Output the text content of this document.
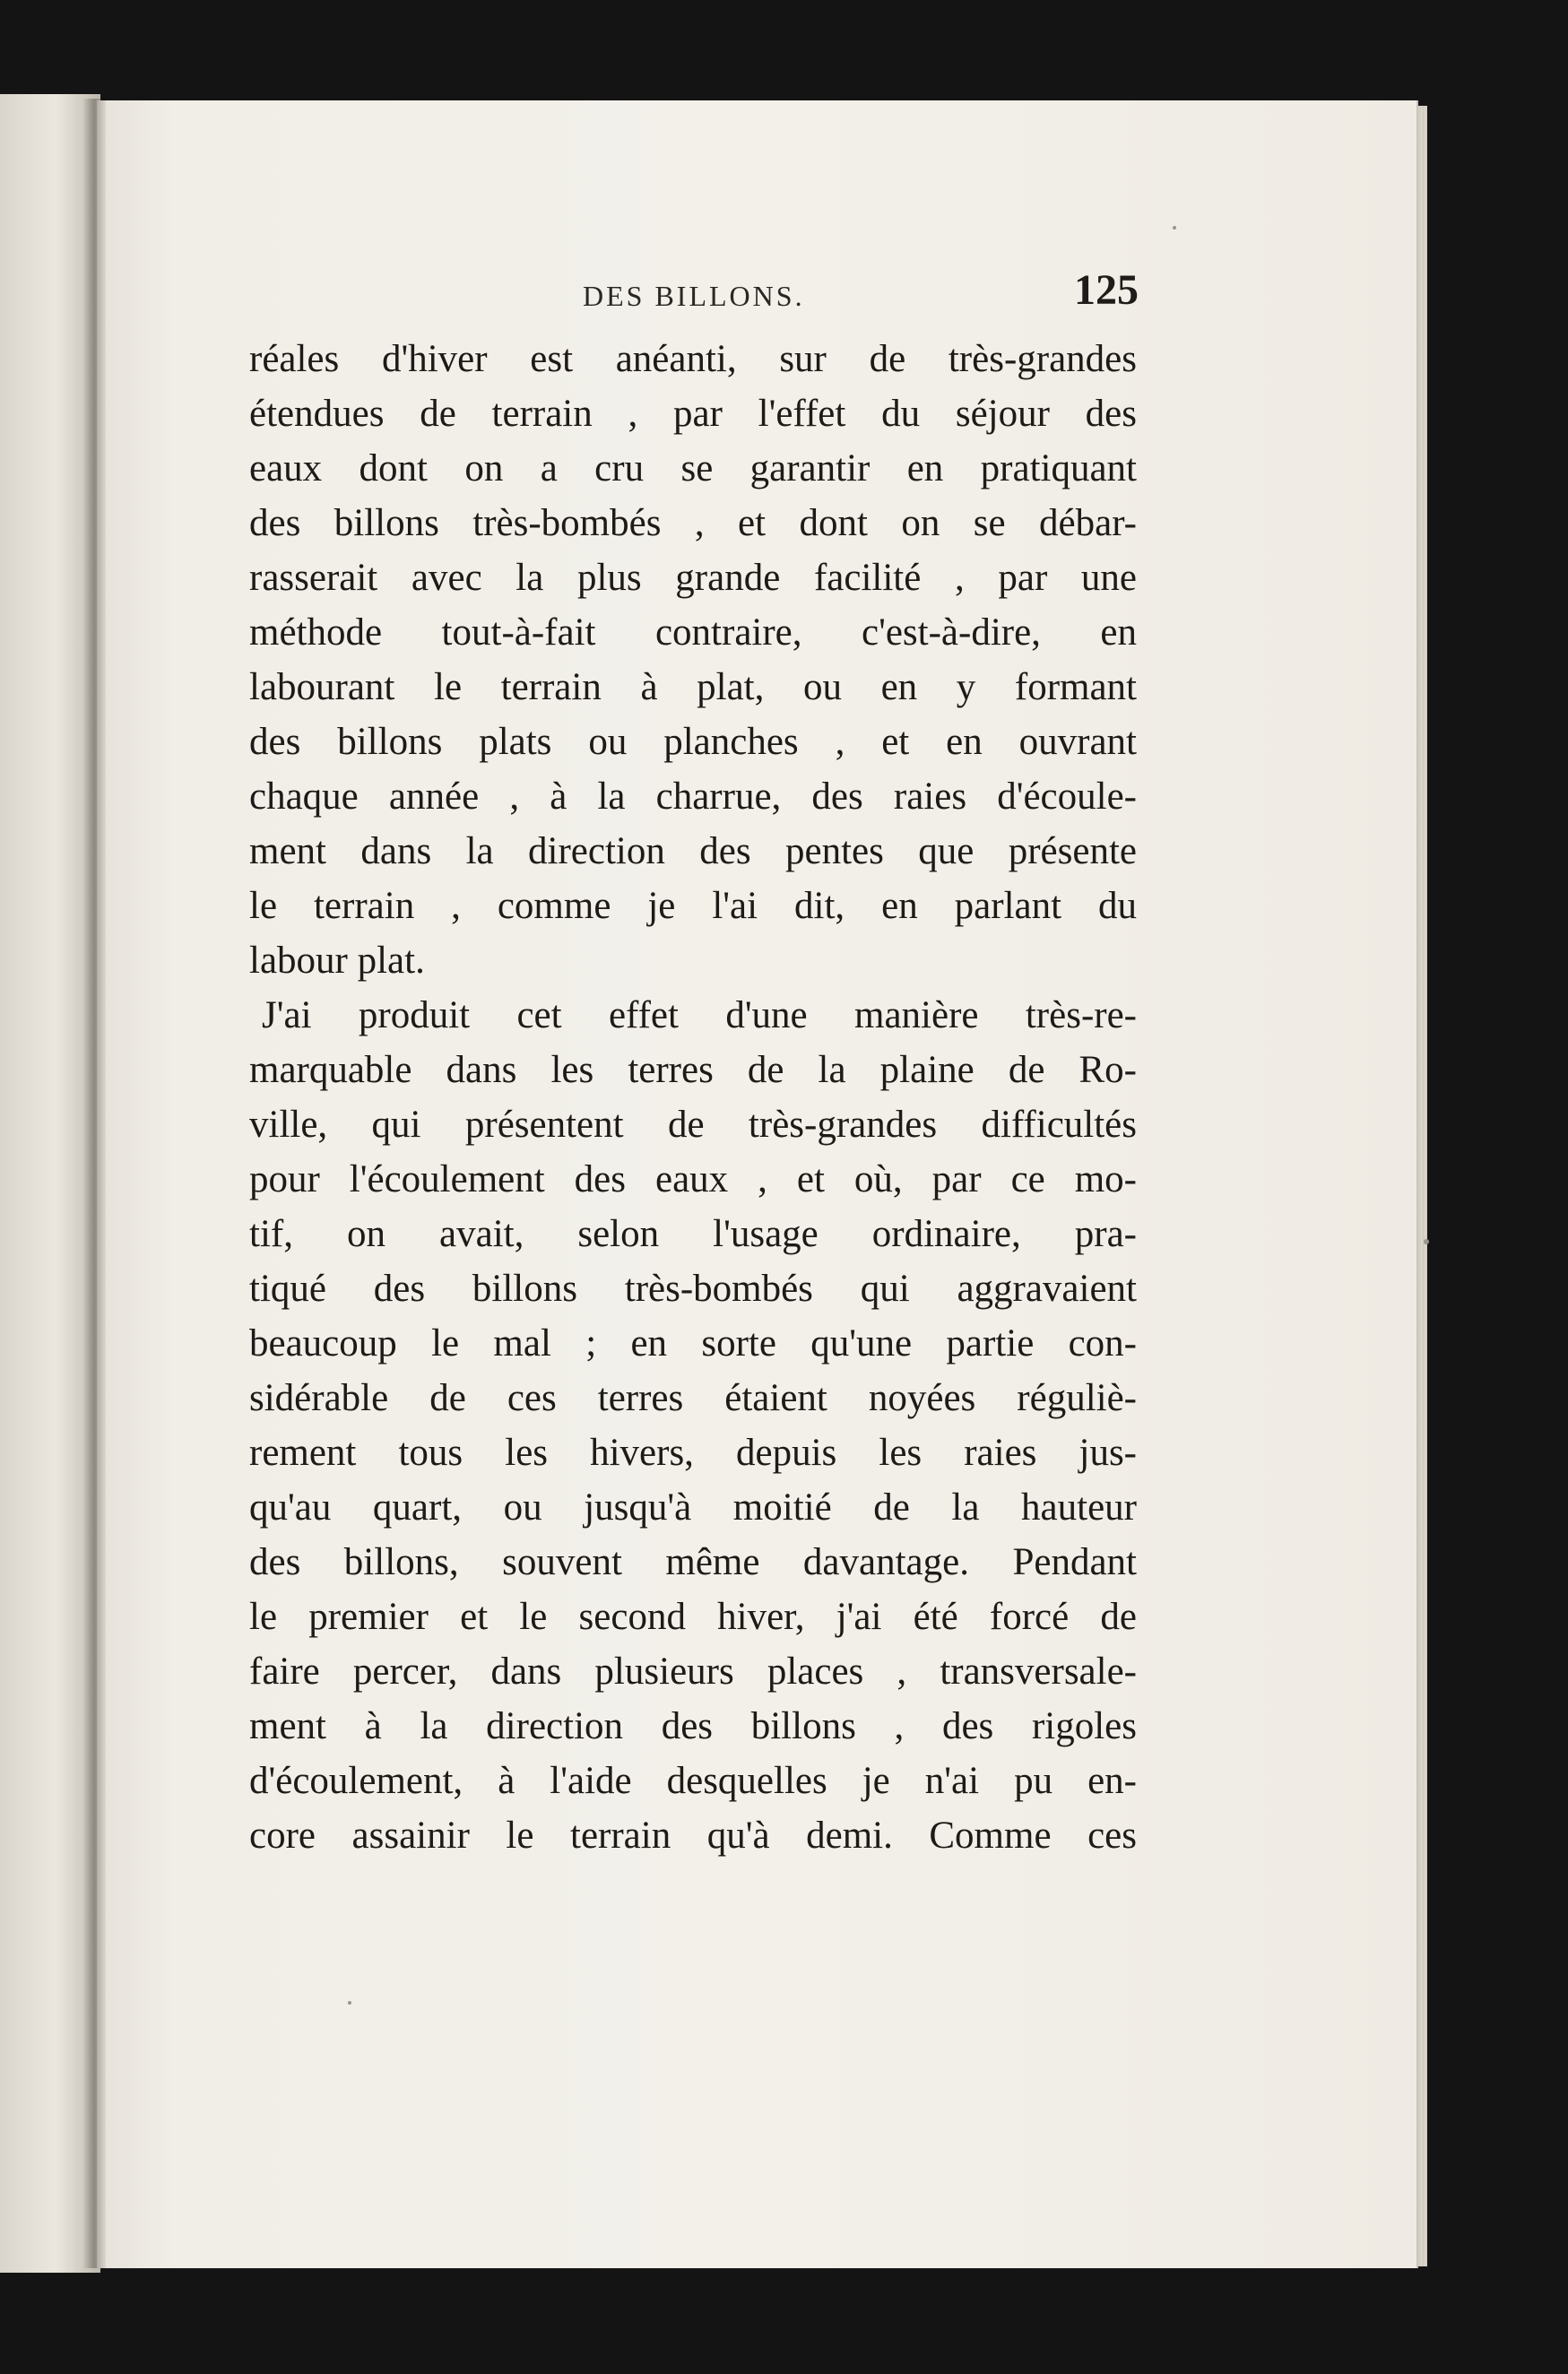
DES BILLONS.	125
réales d'hiver est anéanti, sur de très-grandes
étendues de terrain , par l'effet du séjour des
eaux dont on a cru se garantir en pratiquant
des billons très-bombés , et dont on se débar-
rasserait avec la plus grande facilité , par une
méthode tout-à-fait contraire, c'est-à-dire, en
labourant le terrain à plat, ou en y formant
des billons plats ou planches , et en ouvrant
chaque année , à la charrue, des raies d'écoule-
ment dans la direction des pentes que présente
le terrain , comme je l'ai dit, en parlant du
labour plat.
J'ai produit cet effet d'une manière très-re-
marquable dans les terres de la plaine de Ro-
ville, qui présentent de très-grandes difficultés
pour l'écoulement des eaux , et où, par ce mo-
tif, on avait, selon l'usage ordinaire, pra-
tiqué des billons très-bombés qui aggravaient
beaucoup le mal ; en sorte qu'une partie con-
sidérable de ces terres étaient noyées réguliè-
rement tous les hivers, depuis les raies jus-
qu'au quart, ou jusqu'à moitié de la hauteur
des billons, souvent même davantage. Pendant
le premier et le second hiver, j'ai été forcé de
faire percer, dans plusieurs places , transversale-
ment à la direction des billons , des rigoles
d'écoulement, à l'aide desquelles je n'ai pu en-
core assainir le terrain qu'à demi. Comme ces
